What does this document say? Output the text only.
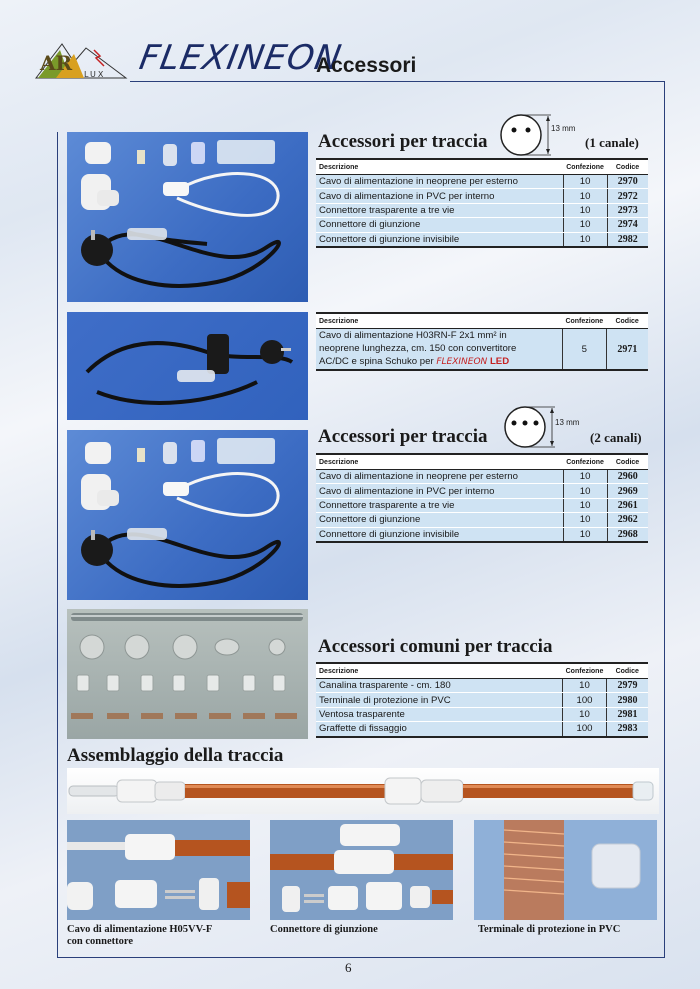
AR LUX FLEXINEON
Accessori
Accessori per traccia
13 mm
(1 canale)
Descrizione	Confezione	Codice
Cavo di alimentazione in neoprene per esterno	10	2970
Cavo di alimentazione in PVC per interno	10	2972
Connettore trasparente a tre vie	10	2973
Connettore di giunzione	10	2974
Connettore di giunzione invisibile	10	2982
Descrizione	Confezione	Codice
Cavo di alimentazione H03RN-F 2x1 mm² in
neoprene lunghezza, cm. 150 con convertitore
AC/DC e spina Schuko per FLEXINEON LED	5	2971
Accessori per traccia
13 mm
(2 canali)
Descrizione	Confezione	Codice
Cavo di alimentazione in neoprene per esterno	10	2960
Cavo di alimentazione in PVC per interno	10	2969
Connettore trasparente a tre vie	10	2961
Connettore di giunzione	10	2962
Connettore di giunzione invisibile	10	2968
Accessori comuni per traccia
Descrizione	Confezione	Codice
Canalina trasparente - cm. 180	10	2979
Terminale di protezione in PVC	100	2980
Ventosa trasparente	10	2981
Graffette di fissaggio	100	2983
Assemblaggio della traccia
Cavo di alimentazione H05VV-F
con connettore
Connettore di giunzione	Terminale di protezione in PVC
6
